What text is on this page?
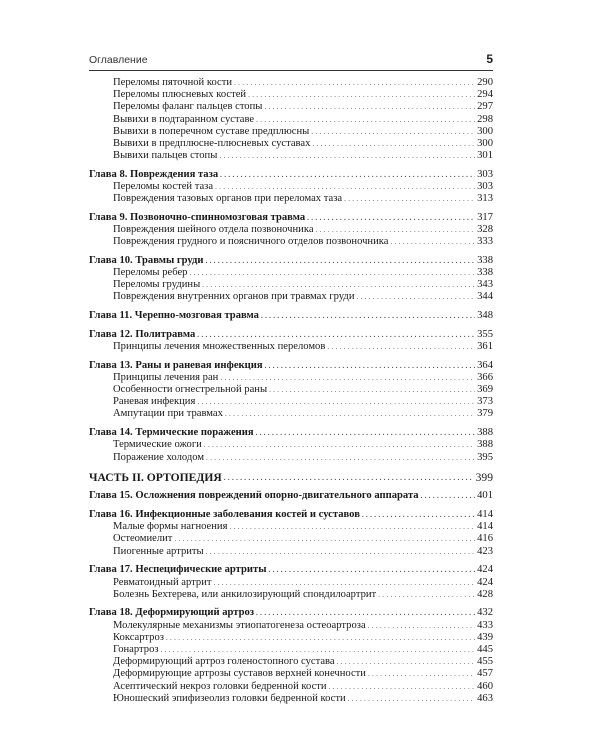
Оглавление	5
Переломы пяточной кости . . .	290
Переломы плюсневых костей . . .	294
Переломы фаланг пальцев стопы . . .	297
Вывихи в подтаранном суставе . . .	298
Вывихи в поперечном суставе предплюсны . . .	300
Вывихи в предплюсне-плюсневых суставах . . .	300
Вывихи пальцев стопы . . .	301
Глава 8. Повреждения таза . . .	303
Переломы костей таза . . .	303
Повреждения тазовых органов при переломах таза . . .	313
Глава 9. Позвоночно-спинномозговая травма . . .	317
Повреждения шейного отдела позвоночника . . .	328
Повреждения грудного и поясничного отделов позвоночника . . .	333
Глава 10. Травмы груди . . .	338
Переломы ребер . . .	338
Переломы грудины . . .	343
Повреждения внутренних органов при травмах груди . . .	344
Глава 11. Черепно-мозговая травма . . .	348
Глава 12. Политравма . . .	355
Принципы лечения множественных переломов . . .	361
Глава 13. Раны и раневая инфекция . . .	364
Принципы лечения ран . . .	366
Особенности огнестрельной раны . . .	369
Раневая инфекция . . .	373
Ампутации при травмах . . .	379
Глава 14. Термические поражения . . .	388
Термические ожоги . . .	388
Поражение холодом . . .	395
ЧАСТЬ II. ОРТОПЕДИЯ . . .	399
Глава 15. Осложнения повреждений опорно-двигательного аппарата . . .	401
Глава 16. Инфекционные заболевания костей и суставов . . .	414
Малые формы нагноения . . .	414
Остеомиелит . . .	416
Пиогенные артриты . . .	423
Глава 17. Неспецифические артриты . . .	424
Ревматоидный артрит . . .	424
Болезнь Бехтерева, или анкилозирующий спондилоартрит . . .	428
Глава 18. Деформирующий артроз . . .	432
Молекулярные механизмы этиопатогенеза остеоартроза . . .	433
Коксартроз . . .	439
Гонартроз . . .	445
Деформирующий артроз голеностопного сустава . . .	455
Деформирующие артрозы суставов верхней конечности . . .	457
Асептический некроз головки бедренной кости . . .	460
Юношеский эпифизеолиз головки бедренной кости . . .	463
